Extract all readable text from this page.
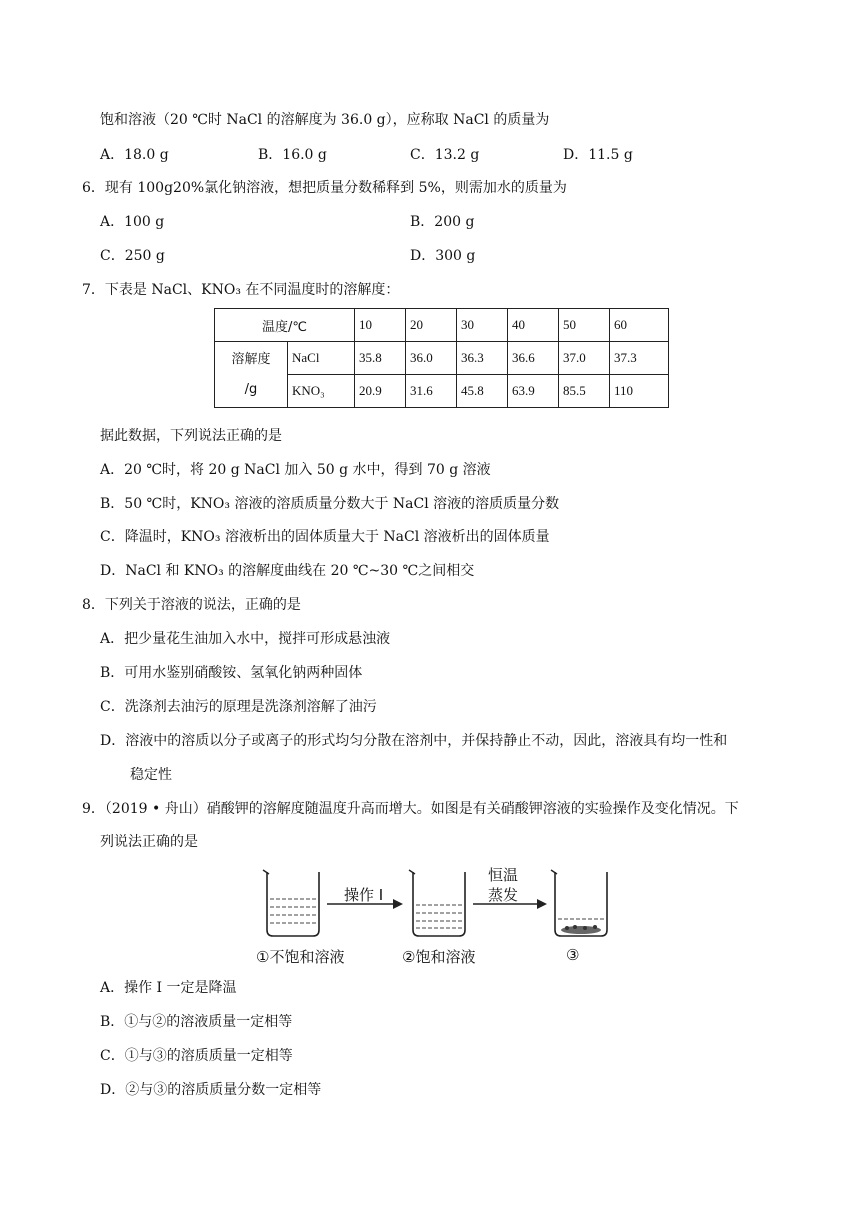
饱和溶液（20 ℃时 NaCl 的溶解度为 36.0 g），应称取 NaCl 的质量为
A．18.0 g	B．16.0 g	C．13.2 g	D．11.5 g
6．现有 100g20%氯化钠溶液，想把质量分数稀释到 5%，则需加水的质量为
A．100 g	B．200 g
C．250 g	D．300 g
7．下表是 NaCl、KNO₃ 在不同温度时的溶解度：
温度/℃		10	20	30	40	50	60

溶解度
/g	NaCl	35.8	36.0	36.3	36.6	37.0	37.3
	KNO₃	20.9	31.6	45.8	63.9	85.5	110
据此数据，下列说法正确的是
A．20 ℃时，将 20 g NaCl 加入 50 g 水中，得到 70 g 溶液
B．50 ℃时，KNO₃ 溶液的溶质质量分数大于 NaCl 溶液的溶质质量分数
C．降温时，KNO₃ 溶液析出的固体质量大于 NaCl 溶液析出的固体质量
D．NaCl 和 KNO₃ 的溶解度曲线在 20 ℃~30 ℃之间相交
8．下列关于溶液的说法，正确的是
A．把少量花生油加入水中，搅拌可形成悬浊液
B．可用水鉴别硝酸铵、氢氧化钠两种固体
C．洗涤剂去油污的原理是洗涤剂溶解了油污
D．溶液中的溶质以分子或离子的形式均匀分散在溶剂中，并保持静止不动，因此，溶液具有均一性和
稳定性
9．（2019 • 舟山）硝酸钾的溶解度随温度升高而增大。如图是有关硝酸钾溶液的实验操作及变化情况。下
列说法正确的是
操作 I
恒温
蒸发
①不饱和溶液	②饱和溶液	③
A．操作 I 一定是降温
B．①与②的溶液质量一定相等
C．①与③的溶质质量一定相等
D．②与③的溶质质量分数一定相等
